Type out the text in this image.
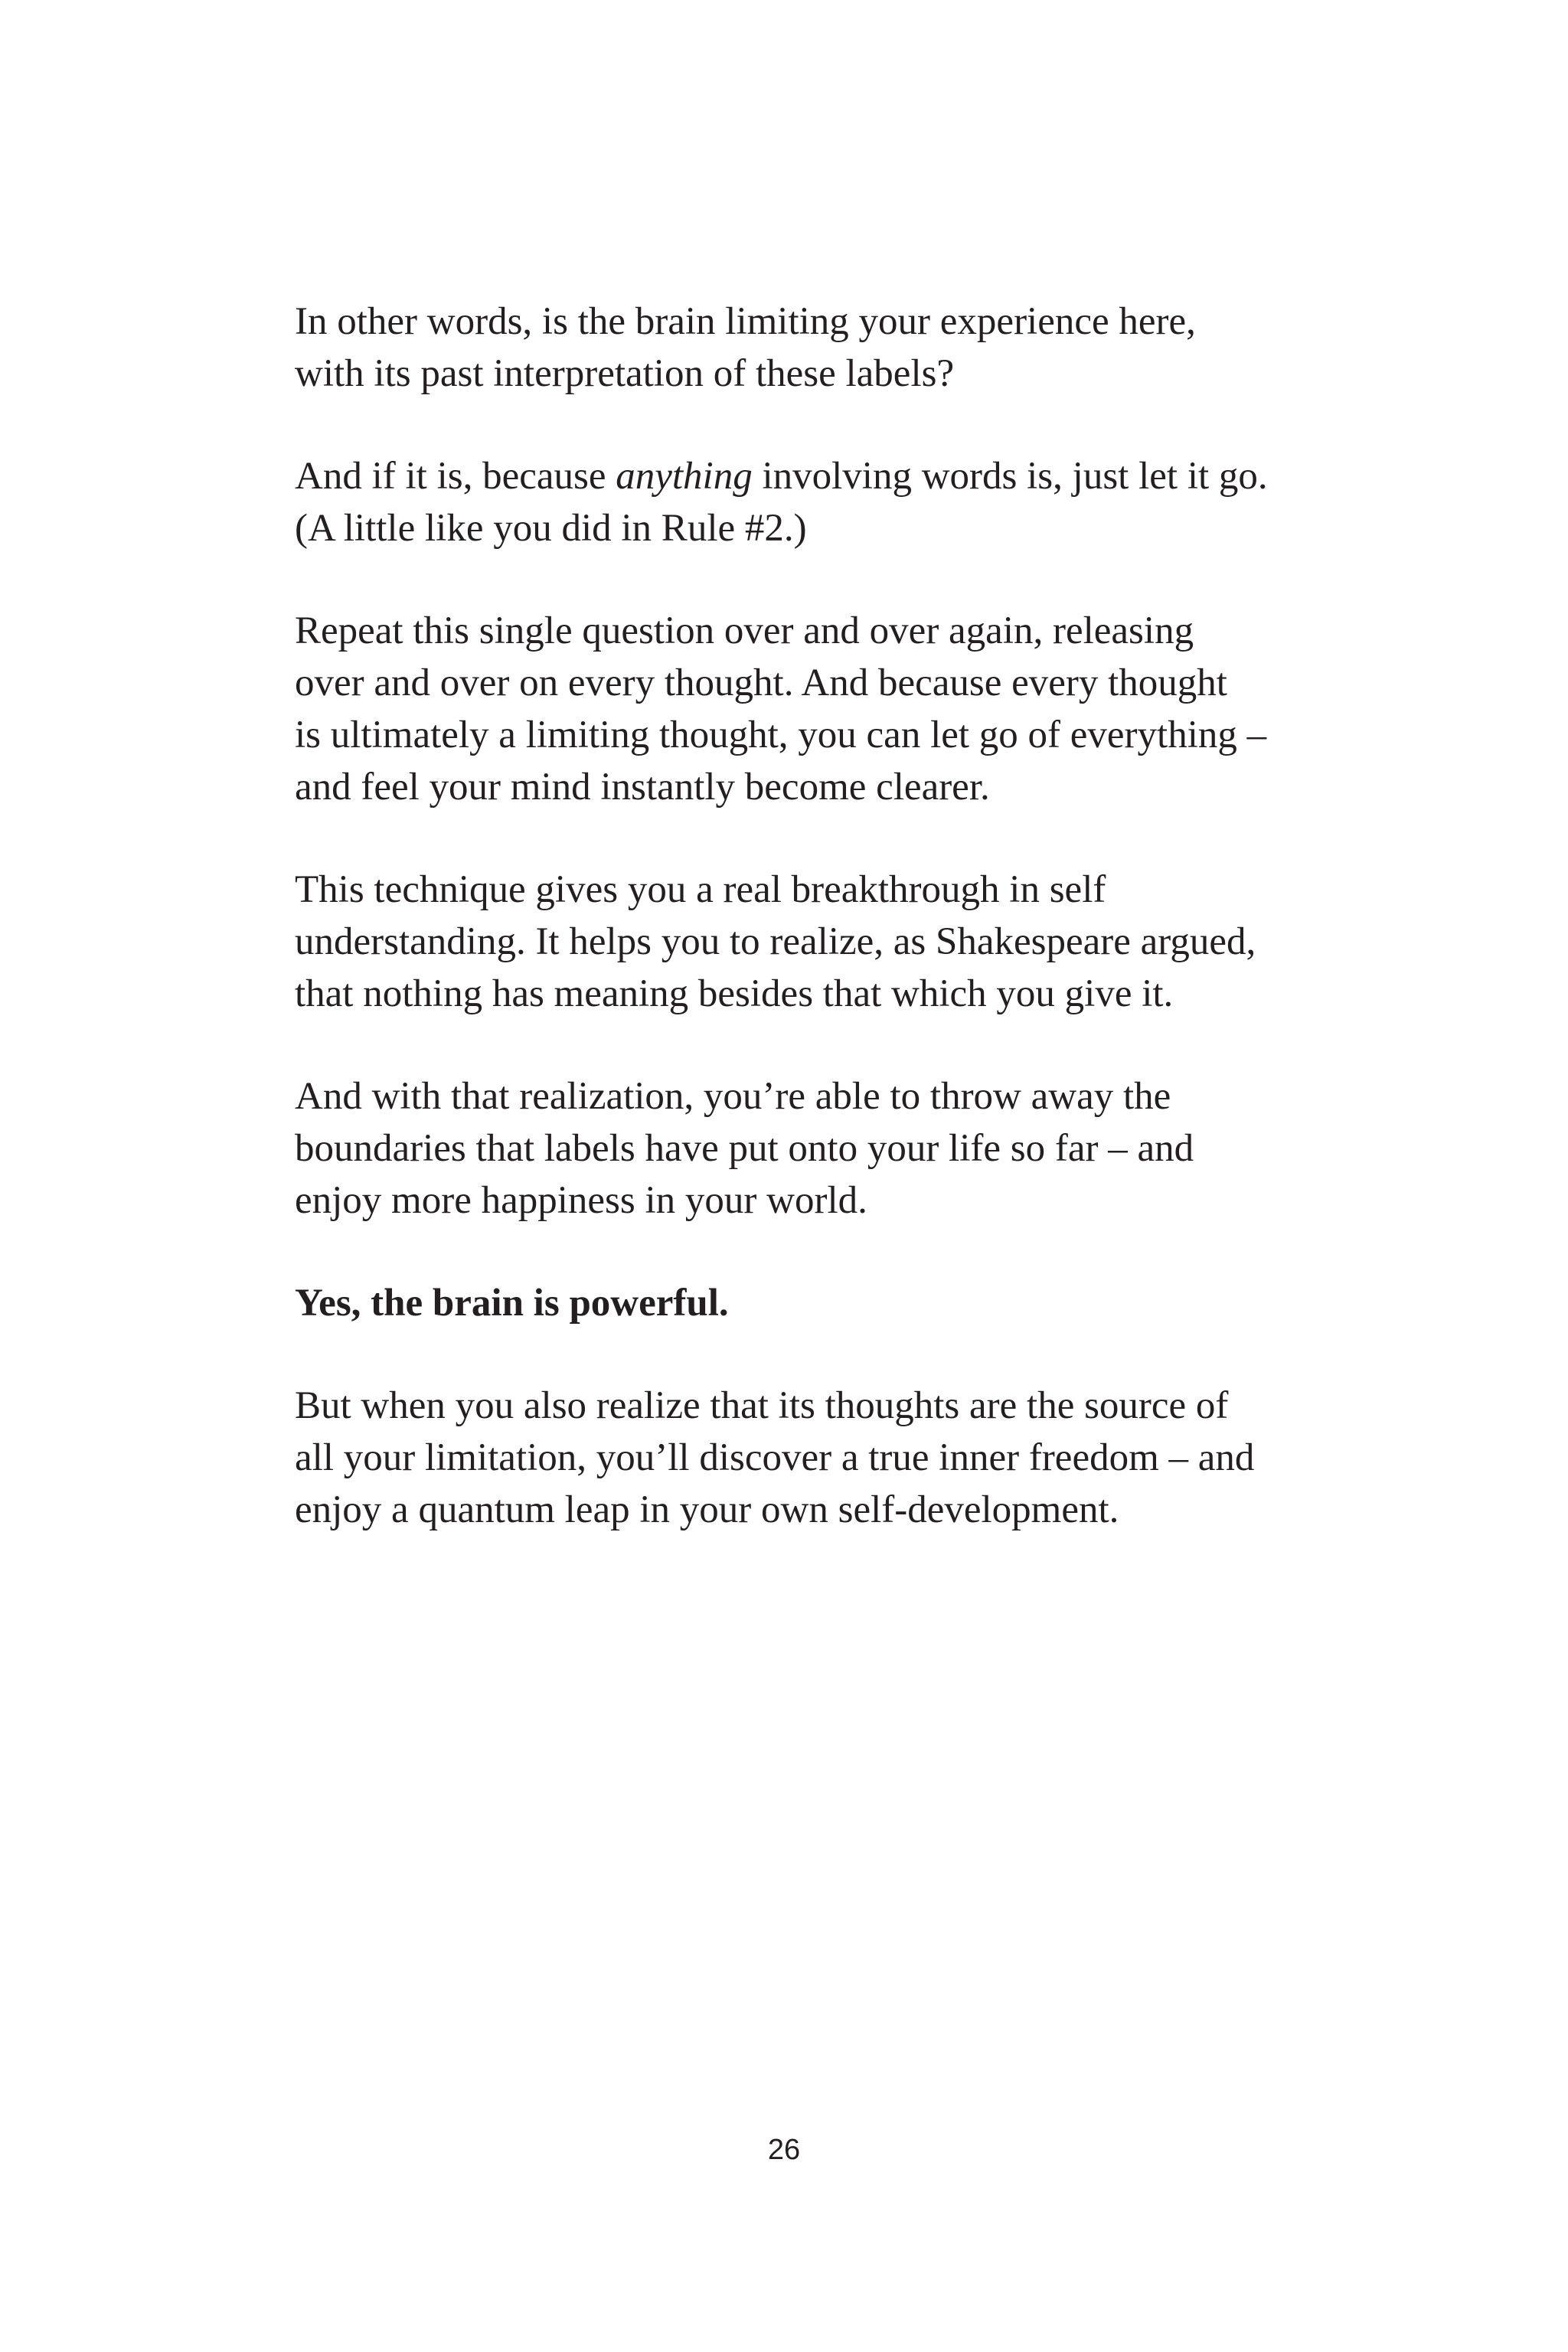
In other words, is the brain limiting your experience here,
with its past interpretation of these labels?

And if it is, because anything involving words is, just let it go.
(A little like you did in Rule #2.)

Repeat this single question over and over again, releasing
over and over on every thought. And because every thought
is ultimately a limiting thought, you can let go of everything –
and feel your mind instantly become clearer.

This technique gives you a real breakthrough in self
understanding. It helps you to realize, as Shakespeare argued,
that nothing has meaning besides that which you give it.

And with that realization, you’re able to throw away the
boundaries that labels have put onto your life so far – and
enjoy more happiness in your world.

Yes, the brain is powerful.

But when you also realize that its thoughts are the source of
all your limitation, you’ll discover a true inner freedom – and
enjoy a quantum leap in your own self-development.

26
